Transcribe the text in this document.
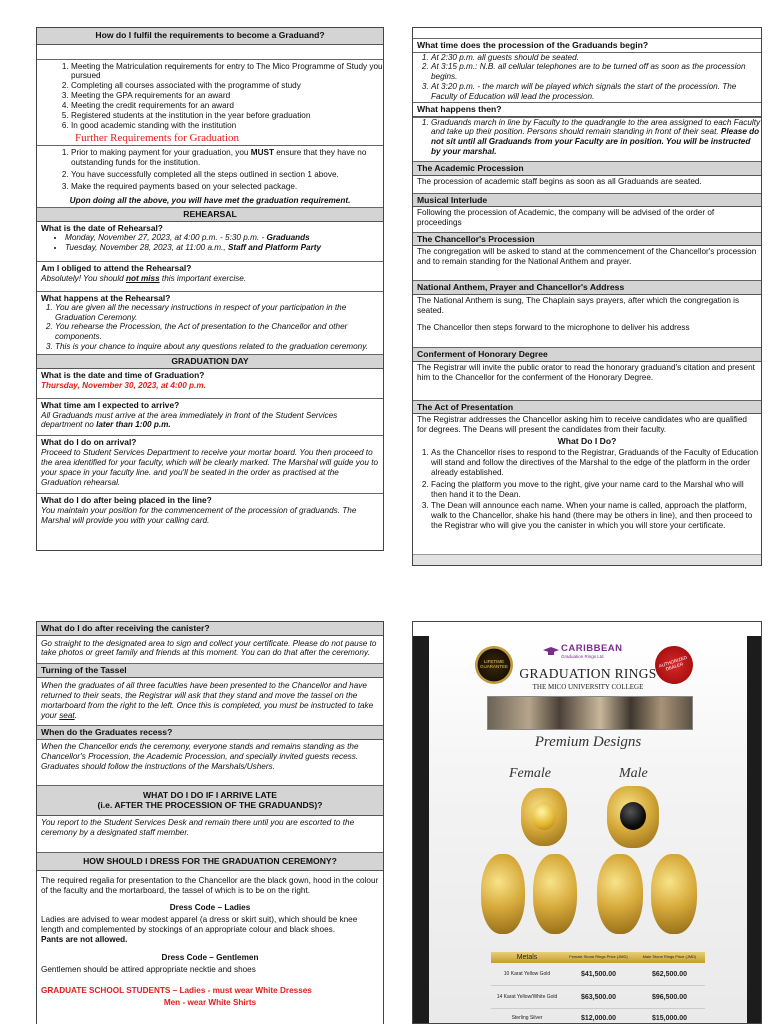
How do I fulfil the requirements to become a Graduand?
1. Meeting the Matriculation requirements for entry to The Mico Programme of Study you pursued
2. Completing all courses associated with the programme of study
3. Meeting the GPA requirements for an award
4. Meeting the credit requirements for an award
5. Registered students at the institution in the year before graduation
6. In good academic standing with the institution
Further Requirements for Graduation
1. Prior to making payment for your graduation, you MUST ensure that they have no outstanding funds for the institution.
2. You have successfully completed all the steps outlined in section 1 above.
3. Make the required payments based on your selected package.
Upon doing all the above, you will have met the graduation requirement.
REHEARSAL
What is the date of Rehearsal?
• Monday, November 27, 2023, at 4:00 p.m. - 5:30 p.m. - Graduands
• Tuesday, November 28, 2023, at 11:00 a.m., Staff and Platform Party
Am I obliged to attend the Rehearsal?
Absolutely! You should not miss this important exercise.
What happens at the Rehearsal?
1. You are given all the necessary instructions in respect of your participation in the Graduation Ceremony.
2. You rehearse the Procession, the Act of presentation to the Chancellor and other components.
3. This is your chance to inquire about any questions related to the graduation ceremony.
GRADUATION DAY
What is the date and time of Graduation?
Thursday, November 30, 2023, at 4:00 p.m.
What time am I expected to arrive?
All Graduands must arrive at the area immediately in front of the Student Services department no later than 1:00 p.m.
What do I do on arrival?
Proceed to Student Services Department to receive your mortar board. You then proceed to the area identified for your faculty, which will be clearly marked. The Marshal will guide you to your space in your faculty line. and you'll be seated in the order as practised at the Graduation rehearsal.
What do I do after being placed in the line?
You maintain your position for the commencement of the procession of graduands. The Marshal will provide you with your calling card.
What time does the procession of the Graduands begin?
1. At 2:30 p.m. all guests should be seated.
2. At 3:15 p.m.: N.B. all cellular telephones are to be turned off as soon as the procession begins.
3. At 3:20 p.m. - the march will be played which signals the start of the procession. The Faculty of Education will lead the procession.
What happens then?
1. Graduands march in line by Faculty to the quadrangle to the area assigned to each Faculty and take up their position. Persons should remain standing in front of their seat. Please do not sit until all Graduands from your Faculty are in position. You will be instructed by your marshal.
The Academic Procession
The procession of academic staff begins as soon as all Graduands are seated.
Musical Interlude
Following the procession of Academic, the company will be advised of the order of proceedings
The Chancellor's Procession
The congregation will be asked to stand at the commencement of the Chancellor's procession and to remain standing for the National Anthem and prayer.
National Anthem, Prayer and Chancellor's Address
The National Anthem is sung, The Chaplain says prayers, after which the congregation is seated.
The Chancellor then steps forward to the microphone to deliver his address
Conferment of Honorary Degree
The Registrar will invite the public orator to read the honorary graduand's citation and present him to the Chancellor for the conferment of the Honorary Degree.
The Act of Presentation
The Registrar addresses the Chancellor asking him to receive candidates who are qualified for degrees. The Deans will present the candidates from their faculty.
What Do I Do?
1. As the Chancellor rises to respond to the Registrar, Graduands of the Faculty of Education will stand and follow the directives of the Marshal to the edge of the platform in the order already established.
2. Facing the platform you move to the right, give your name card to the Marshal who will then hand it to the Dean.
3. The Dean will announce each name. When your name is called, approach the platform, walk to the Chancellor, shake his hand (there may be others in line), and then proceed to the Registrar who will give you the canister in which you will store your certificate.
What do I do after receiving the canister?
Go straight to the designated area to sign and collect your certificate. Please do not pause to take photos or greet family and friends at this moment. You can do that after the ceremony.
Turning of the Tassel
When the graduates of all three faculties have been presented to the Chancellor and have returned to their seats, the Registrar will ask that they stand and move the tassel on the mortarboard from the right to the left. Once this is completed, you must be instructed to take your seat.
When do the Graduates recess?
When the Chancellor ends the ceremony, everyone stands and remains standing as the Chancellor's Procession, the Academic Procession, and specially invited guests recess. Graduates should follow the instructions of the Marshals/Ushers.
WHAT DO I DO IF I ARRIVE LATE
(i.e. AFTER THE PROCESSION OF THE GRADUANDS)?
You report to the Student Services Desk and remain there until you are escorted to the ceremony by a designated staff member.
HOW SHOULD I DRESS FOR THE GRADUATION CEREMONY?
The required regalia for presentation to the Chancellor are the black gown, hood in the colour of the faculty and the mortarboard, the tassel of which is to be on the right.
Dress Code – Ladies
Ladies are advised to wear modest apparel (a dress or skirt suit), which should be knee length and complemented by stockings of an appropriate colour and black shoes.
Pants are not allowed.
Dress Code – Gentlemen
Gentlemen should be attired appropriate necktie and shoes
GRADUATE SCHOOL STUDENTS – Ladies - must wear White Dresses
Men - wear White Shirts
LIFETIME GUARANTEE	AUTHORIZED DEALER
CARIBBEAN
Graduation Rings Ltd
GRADUATION RINGS
THE MICO UNIVERSITY COLLEGE
Premium Designs
Female	Male
Metals	Female Stone Rings Price (JMD)	Male Stone Rings Price (JMD)
10 Karat Yellow Gold	$41,500.00	$62,500.00
14 Karat Yellow/White Gold	$63,500.00	$96,500.00
Sterling Silver	$12,000.00	$15,000.00
